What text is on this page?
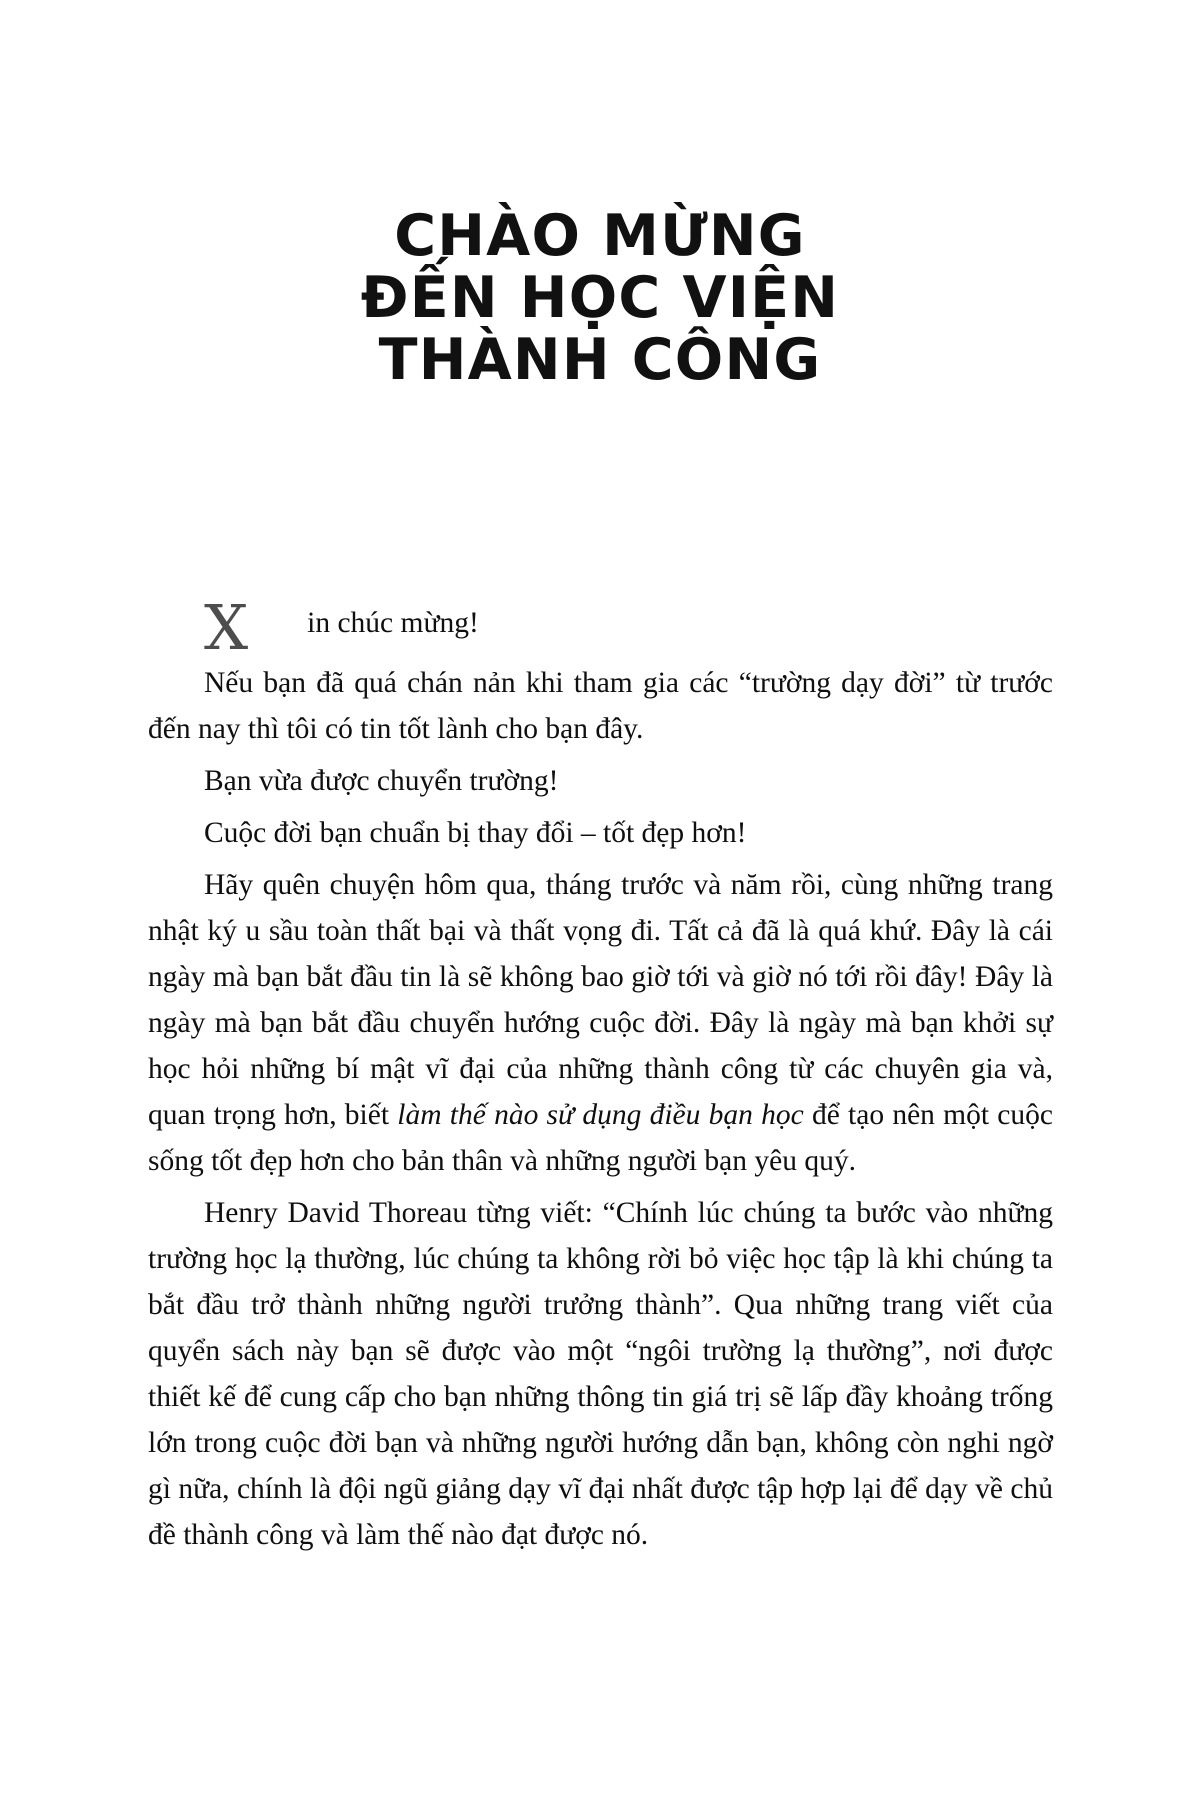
CHÀO MỪNG
ĐẾN HỌC VIỆN
THÀNH CÔNG

X in chúc mừng!

Nếu bạn đã quá chán nản khi tham gia các “trường dạy đời” từ trước đến nay thì tôi có tin tốt lành cho bạn đây.

Bạn vừa được chuyển trường!

Cuộc đời bạn chuẩn bị thay đổi – tốt đẹp hơn!

Hãy quên chuyện hôm qua, tháng trước và năm rồi, cùng những trang nhật ký u sầu toàn thất bại và thất vọng đi. Tất cả đã là quá khứ. Đây là cái ngày mà bạn bắt đầu tin là sẽ không bao giờ tới và giờ nó tới rồi đây! Đây là ngày mà bạn bắt đầu chuyển hướng cuộc đời. Đây là ngày mà bạn khởi sự học hỏi những bí mật vĩ đại của những thành công từ các chuyên gia và, quan trọng hơn, biết làm thế nào sử dụng điều bạn học để tạo nên một cuộc sống tốt đẹp hơn cho bản thân và những người bạn yêu quý.

Henry David Thoreau từng viết: “Chính lúc chúng ta bước vào những trường học lạ thường, lúc chúng ta không rời bỏ việc học tập là khi chúng ta bắt đầu trở thành những người trưởng thành”. Qua những trang viết của quyển sách này bạn sẽ được vào một “ngôi trường lạ thường”, nơi được thiết kế để cung cấp cho bạn những thông tin giá trị sẽ lấp đầy khoảng trống lớn trong cuộc đời bạn và những người hướng dẫn bạn, không còn nghi ngờ gì nữa, chính là đội ngũ giảng dạy vĩ đại nhất được tập hợp lại để dạy về chủ đề thành công và làm thế nào đạt được nó.
